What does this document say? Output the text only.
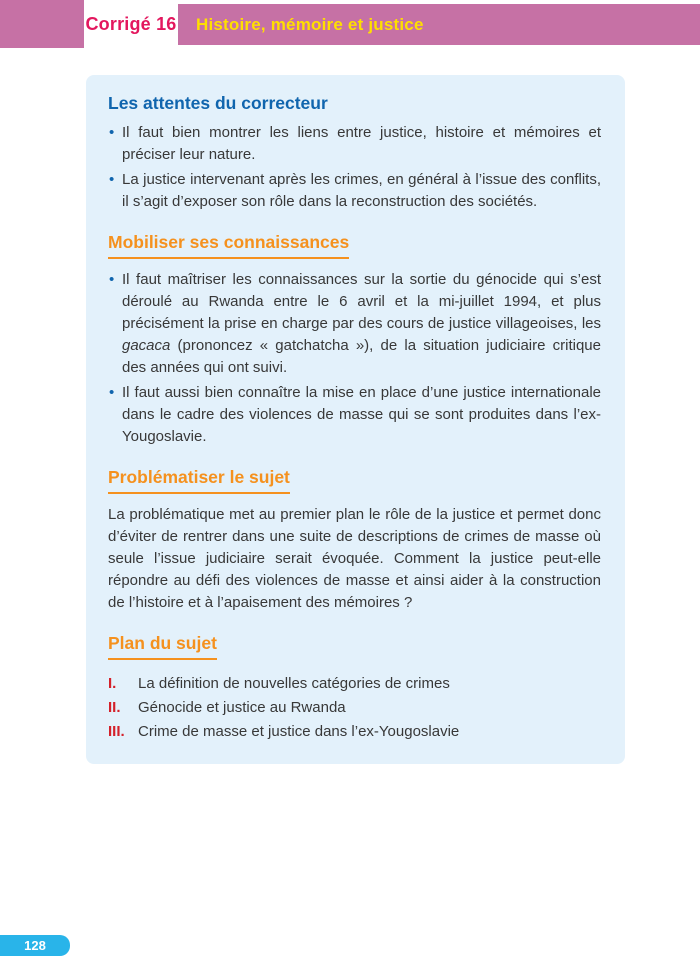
Corrigé 16 Histoire, mémoire et justice
Les attentes du correcteur
• Il faut bien montrer les liens entre justice, histoire et mémoires et préciser leur nature.
• La justice intervenant après les crimes, en général à l’issue des conflits, il s’agit d’exposer son rôle dans la reconstruction des sociétés.
Mobiliser ses connaissances
• Il faut maîtriser les connaissances sur la sortie du génocide qui s’est déroulé au Rwanda entre le 6 avril et la mi-juillet 1994, et plus précisément la prise en charge par des cours de justice villageoises, les gacaca (prononcez « gatchatcha »), de la situation judiciaire critique des années qui ont suivi.
• Il faut aussi bien connaître la mise en place d’une justice internationale dans le cadre des violences de masse qui se sont produites dans l’ex-Yougoslavie.
Problématiser le sujet

La problématique met au premier plan le rôle de la justice et permet donc d’éviter de rentrer dans une suite de descriptions de crimes de masse où seule l’issue judiciaire serait évoquée. Comment la justice peut-elle répondre au défi des violences de masse et ainsi aider à la construction de l’histoire et à l’apaisement des mémoires ?

Plan du sujet
I.	La définition de nouvelles catégories de crimes
II.	Génocide et justice au Rwanda
III. Crime de masse et justice dans l’ex-Yougoslavie
128
